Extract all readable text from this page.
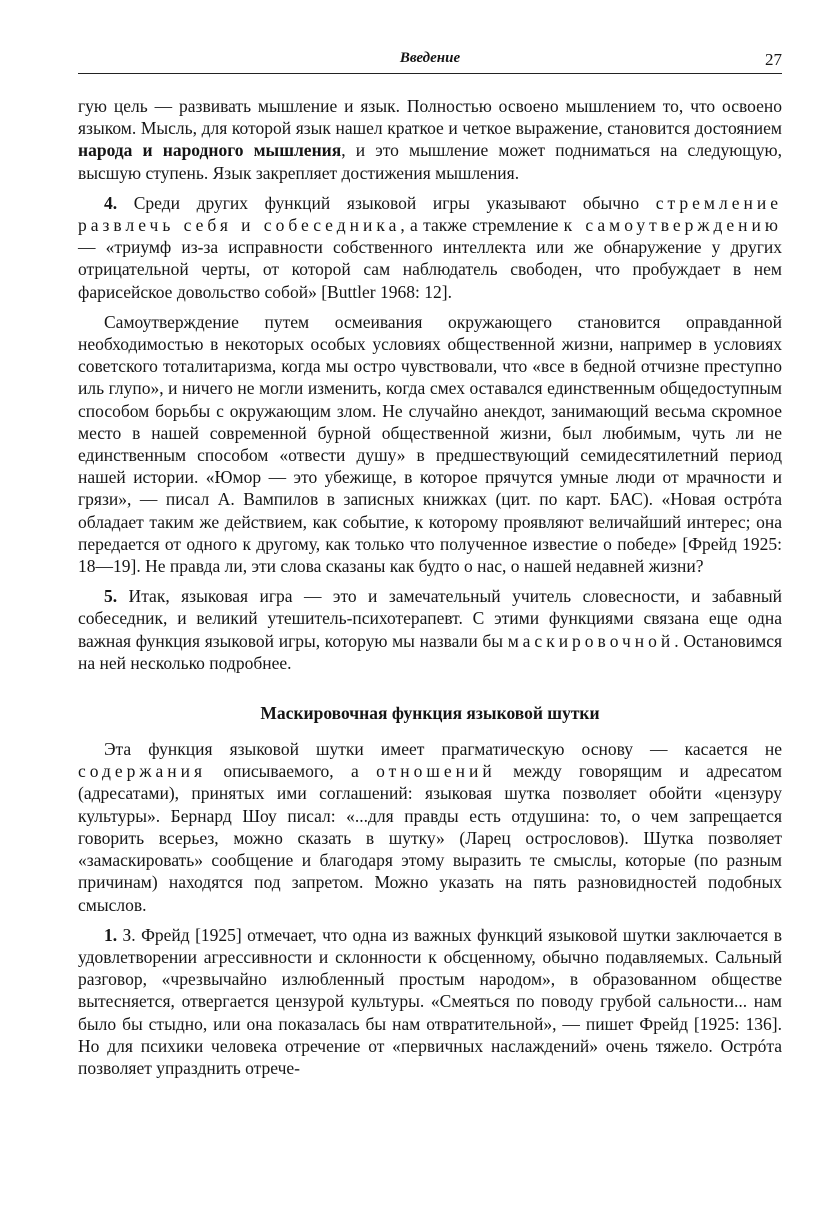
Введение	27

гую цель — развивать мышление и язык. Полностью освоено мышлением то, что освоено языком. Мысль, для которой язык нашел краткое и четкое выражение, становится достоянием народа и народного мышления, и это мышление может подниматься на следующую, высшую ступень. Язык закрепляет достижения мышления.

4. Среди других функций языковой игры указывают обычно стремление развлечь себя и собеседника, а также стремление к самоутверждению — «триумф из-за исправности собственного интеллекта или же обнаружение у других отрицательной черты, от которой сам наблюдатель свободен, что пробуждает в нем фарисейское довольство собой» [Buttler 1968: 12].

Самоутверждение путем осмеивания окружающего становится оправданной необходимостью в некоторых особых условиях общественной жизни, например в условиях советского тоталитаризма, когда мы остро чувствовали, что «все в бедной отчизне преступно иль глупо», и ничего не могли изменить, когда смех оставался единственным общедоступным способом борьбы с окружающим злом. Не случайно анекдот, занимающий весьма скромное место в нашей современной бурной общественной жизни, был любимым, чуть ли не единственным способом «отвести душу» в предшествующий семидесятилетний период нашей истории. «Юмор — это убежище, в которое прячутся умные люди от мрачности и грязи», — писал А. Вампилов в записных книжках (цит. по карт. БАС). «Новая острóта обладает таким же действием, как событие, к которому проявляют величайший интерес; она передается от одного к другому, как только что полученное известие о победе» [Фрейд 1925: 18—19]. Не правда ли, эти слова сказаны как будто о нас, о нашей недавней жизни?

5. Итак, языковая игра — это и замечательный учитель словесности, и забавный собеседник, и великий утешитель-психотерапевт. С этими функциями связана еще одна важная функция языковой игры, которую мы назвали бы маскировочной. Остановимся на ней несколько подробнее.

Маскировочная функция языковой шутки

Эта функция языковой шутки имеет прагматическую основу — касается не содержания описываемого, а отношений между говорящим и адресатом (адресатами), принятых ими соглашений: языковая шутка позволяет обойти «цензуру культуры». Бернард Шоу писал: «...для правды есть отдушина: то, о чем запрещается говорить всерьез, можно сказать в шутку» (Ларец острословов). Шутка позволяет «замаскировать» сообщение и благодаря этому выразить те смыслы, которые (по разным причинам) находятся под запретом. Можно указать на пять разновидностей подобных смыслов.

1. З. Фрейд [1925] отмечает, что одна из важных функций языковой шутки заключается в удовлетворении агрессивности и склонности к обсценному, обычно подавляемых. Сальный разговор, «чрезвычайно излюбленный простым народом», в образованном обществе вытесняется, отвергается цензурой культуры. «Смеяться по поводу грубой сальности... нам было бы стыдно, или она показалась бы нам отвратительной», — пишет Фрейд [1925: 136]. Но для психики человека отречение от «первичных наслаждений» очень тяжело. Острóта позволяет упразднить отрече-
